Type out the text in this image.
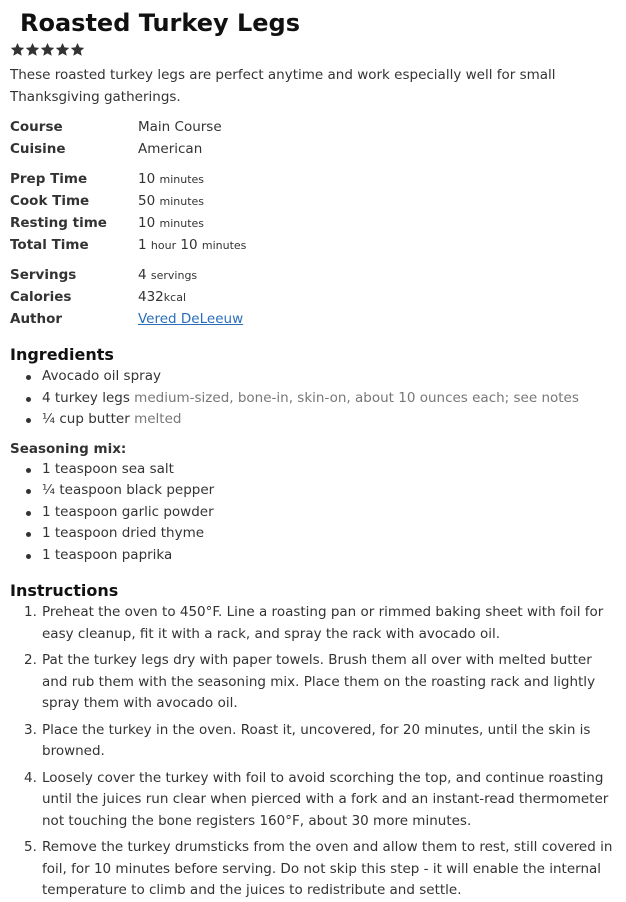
Roasted Turkey Legs

These roasted turkey legs are perfect anytime and work especially well for small Thanksgiving gatherings.

Course	Main Course
Cuisine	American
Prep Time	10 minutes
Cook Time	50 minutes
Resting time	10 minutes
Total Time	1 hour 10 minutes
Servings	4 servings
Calories	432kcal
Author	Vered DeLeeuw
Ingredients
Avocado oil spray
4 turkey legs medium-sized, bone-in, skin-on, about 10 ounces each; see notes
¼ cup butter melted
Seasoning mix:
1 teaspoon sea salt
¼ teaspoon black pepper
1 teaspoon garlic powder
1 teaspoon dried thyme
1 teaspoon paprika
Instructions
1. Preheat the oven to 450°F. Line a roasting pan or rimmed baking sheet with foil for easy cleanup, fit it with a rack, and spray the rack with avocado oil.
2. Pat the turkey legs dry with paper towels. Brush them all over with melted butter and rub them with the seasoning mix. Place them on the roasting rack and lightly spray them with avocado oil.
3. Place the turkey in the oven. Roast it, uncovered, for 20 minutes, until the skin is browned.
4. Loosely cover the turkey with foil to avoid scorching the top, and continue roasting until the juices run clear when pierced with a fork and an instant-read thermometer not touching the bone registers 160°F, about 30 more minutes.
5. Remove the turkey drumsticks from the oven and allow them to rest, still covered in foil, for 10 minutes before serving. Do not skip this step - it will enable the internal temperature to climb and the juices to redistribute and settle.
